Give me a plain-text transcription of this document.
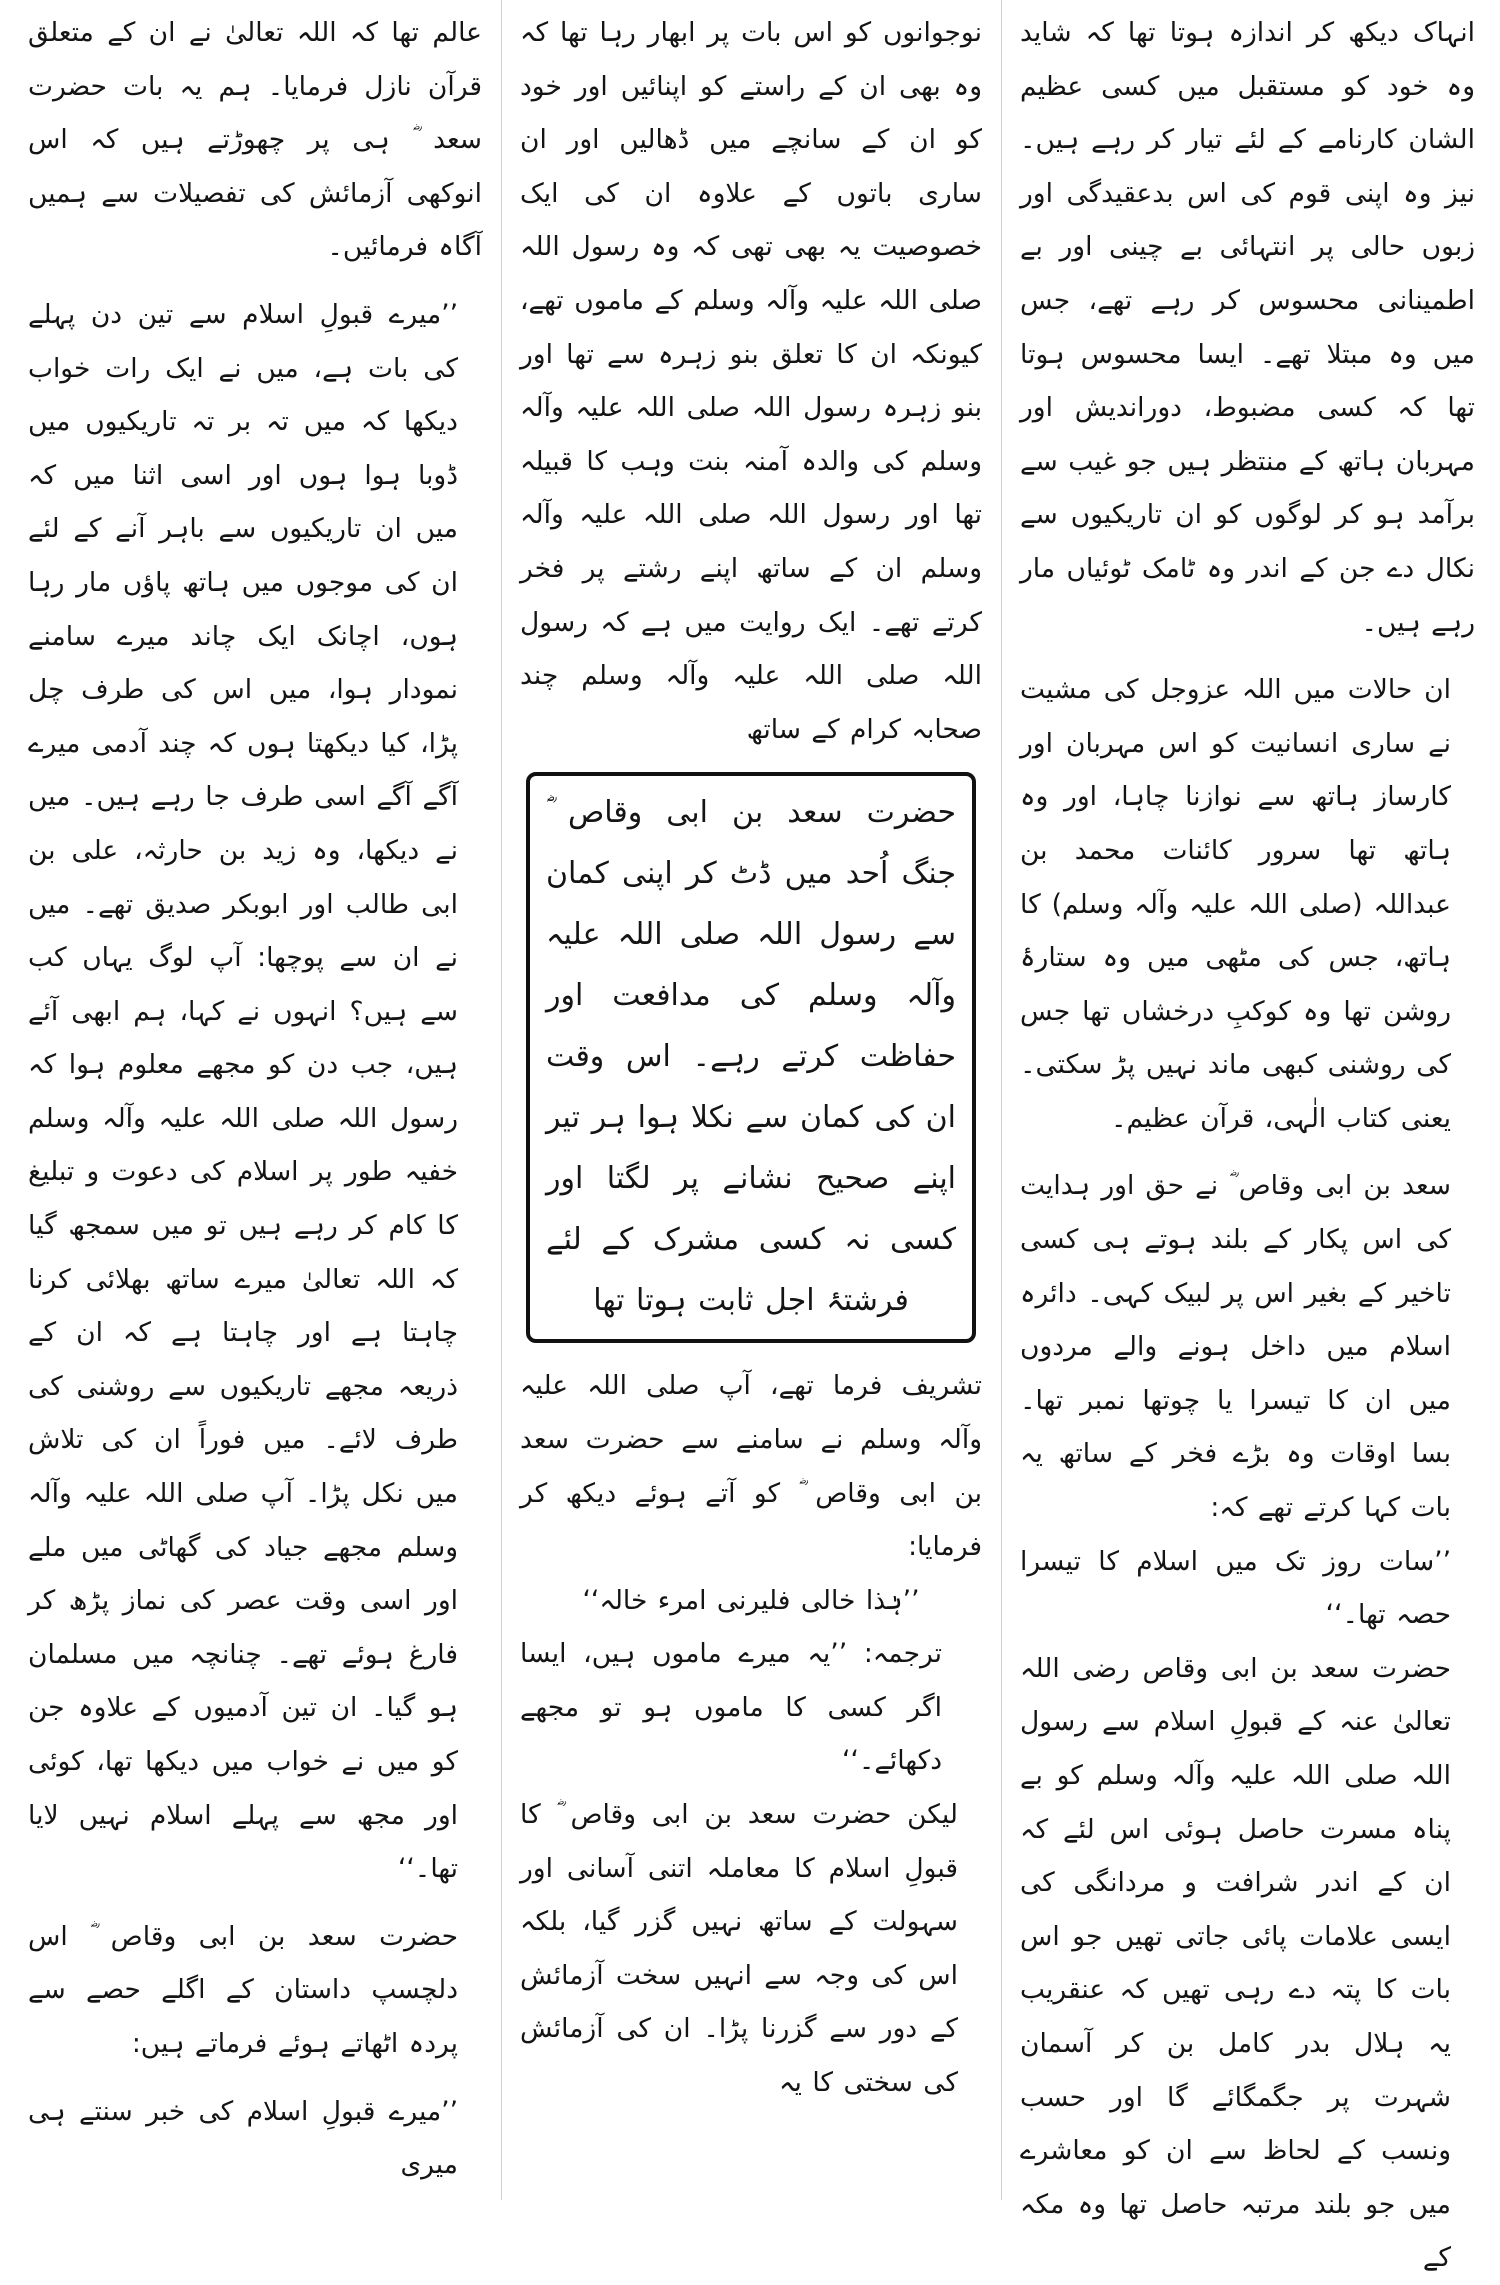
انہاک دیکھ کر اندازہ ہوتا تھا کہ شاید وہ خود کو مستقبل میں کسی عظیم الشان کارنامے کے لئے تیار کر رہے ہیں۔ نیز وہ اپنی قوم کی اس بدعقیدگی اور زبوں حالی پر انتہائی بے چینی اور بے اطمینانی محسوس کر رہے تھے، جس میں وہ مبتلا تھے۔ ایسا محسوس ہوتا تھا کہ کسی مضبوط، دوراندیش اور مہربان ہاتھ کے منتظر ہیں جو غیب سے برآمد ہو کر لوگوں کو ان تاریکیوں سے نکال دے جن کے اندر وہ ٹامک ٹوئیاں مار رہے ہیں۔

ان حالات میں اللہ عزوجل کی مشیت نے ساری انسانیت کو اس مہربان اور کارساز ہاتھ سے نوازنا چاہا، اور وہ ہاتھ تھا سرور کائنات محمد بن عبداللہ (صلی اللہ علیہ وآلہ وسلم) کا ہاتھ، جس کی مٹھی میں وہ ستارۂ روشن تھا وہ کوکبِ درخشاں تھا جس کی روشنی کبھی ماند نہیں پڑ سکتی۔ یعنی کتاب الٰہی، قرآن عظیم۔

سعد بن ابی وقاص ؓ نے حق اور ہدایت کی اس پکار کے بلند ہوتے ہی کسی تاخیر کے بغیر اس پر لبیک کہی۔ دائرہ اسلام میں داخل ہونے والے مردوں میں ان کا تیسرا یا چوتھا نمبر تھا۔ بسا اوقات وہ بڑے فخر کے ساتھ یہ بات کہا کرتے تھے کہ:

’’سات روز تک میں اسلام کا تیسرا حصہ تھا۔‘‘

حضرت سعد بن ابی وقاص رضی اللہ تعالیٰ عنہ کے قبولِ اسلام سے رسول اللہ صلی اللہ علیہ وآلہ وسلم کو بے پناہ مسرت حاصل ہوئی اس لئے کہ ان کے اندر شرافت و مردانگی کی ایسی علامات پائی جاتی تھیں جو اس بات کا پتہ دے رہی تھیں کہ عنقریب یہ ہلال بدر کامل بن کر آسمان شہرت پر جگمگائے گا اور حسب ونسب کے لحاظ سے ان کو معاشرے میں جو بلند مرتبہ حاصل تھا وہ مکہ کے

نوجوانوں کو اس بات پر ابھار رہا تھا کہ وہ بھی ان کے راستے کو اپنائیں اور خود کو ان کے سانچے میں ڈھالیں اور ان ساری باتوں کے علاوہ ان کی ایک خصوصیت یہ بھی تھی کہ وہ رسول اللہ صلی اللہ علیہ وآلہ وسلم کے ماموں تھے، کیونکہ ان کا تعلق بنو زہرہ سے تھا اور بنو زہرہ رسول اللہ صلی اللہ علیہ وآلہ وسلم کی والدہ آمنہ بنت وہب کا قبیلہ تھا اور رسول اللہ صلی اللہ علیہ وآلہ وسلم ان کے ساتھ اپنے رشتے پر فخر کرتے تھے۔ ایک روایت میں ہے کہ رسول اللہ صلی اللہ علیہ وآلہ وسلم چند صحابہ کرام کے ساتھ

حضرت سعد بن ابی وقاص ؓ جنگ اُحد میں ڈٹ کر اپنی کمان سے رسول اللہ صلی اللہ علیہ وآلہ وسلم کی مدافعت اور حفاظت کرتے رہے۔ اس وقت ان کی کمان سے نکلا ہوا ہر تیر اپنے صحیح نشانے پر لگتا اور کسی نہ کسی مشرک کے لئے فرشتۂ اجل ثابت ہوتا تھا

تشریف فرما تھے، آپ صلی اللہ علیہ وآلہ وسلم نے سامنے سے حضرت سعد بن ابی وقاص ؓ کو آتے ہوئے دیکھ کر فرمایا:

’’ہٰذا خالی فلیرنی امرء خالہ‘‘

ترجمہ: ’’یہ میرے ماموں ہیں، ایسا اگر کسی کا ماموں ہو تو مجھے دکھائے۔‘‘

لیکن حضرت سعد بن ابی وقاص ؓ کا قبولِ اسلام کا معاملہ اتنی آسانی اور سہولت کے ساتھ نہیں گزر گیا، بلکہ اس کی وجہ سے انہیں سخت آزمائش کے دور سے گزرنا پڑا۔ ان کی آزمائش کی سختی کا یہ

عالم تھا کہ اللہ تعالیٰ نے ان کے متعلق قرآن نازل فرمایا۔ ہم یہ بات حضرت سعد ؓ ہی پر چھوڑتے ہیں کہ اس انوکھی آزمائش کی تفصیلات سے ہمیں آگاہ فرمائیں۔

’’میرے قبولِ اسلام سے تین دن پہلے کی بات ہے، میں نے ایک رات خواب دیکھا کہ میں تہ بر تہ تاریکیوں میں ڈوبا ہوا ہوں اور اسی اثنا میں کہ میں ان تاریکیوں سے باہر آنے کے لئے ان کی موجوں میں ہاتھ پاؤں مار رہا ہوں، اچانک ایک چاند میرے سامنے نمودار ہوا، میں اس کی طرف چل پڑا، کیا دیکھتا ہوں کہ چند آدمی میرے آگے آگے اسی طرف جا رہے ہیں۔ میں نے دیکھا، وہ زید بن حارثہ، علی بن ابی طالب اور ابوبکر صدیق تھے۔ میں نے ان سے پوچھا: آپ لوگ یہاں کب سے ہیں؟ انہوں نے کہا، ہم ابھی آئے ہیں، جب دن کو مجھے معلوم ہوا کہ رسول اللہ صلی اللہ علیہ وآلہ وسلم خفیہ طور پر اسلام کی دعوت و تبلیغ کا کام کر رہے ہیں تو میں سمجھ گیا کہ اللہ تعالیٰ میرے ساتھ بھلائی کرنا چاہتا ہے اور چاہتا ہے کہ ان کے ذریعہ مجھے تاریکیوں سے روشنی کی طرف لائے۔ میں فوراً ان کی تلاش میں نکل پڑا۔ آپ صلی اللہ علیہ وآلہ وسلم مجھے جیاد کی گھاٹی میں ملے اور اسی وقت عصر کی نماز پڑھ کر فارغ ہوئے تھے۔ چنانچہ میں مسلمان ہو گیا۔ ان تین آدمیوں کے علاوہ جن کو میں نے خواب میں دیکھا تھا، کوئی اور مجھ سے پہلے اسلام نہیں لایا تھا۔‘‘

حضرت سعد بن ابی وقاص ؓ اس دلچسپ داستان کے اگلے حصے سے پردہ اٹھاتے ہوئے فرماتے ہیں:

’’میرے قبولِ اسلام کی خبر سنتے ہی میری
